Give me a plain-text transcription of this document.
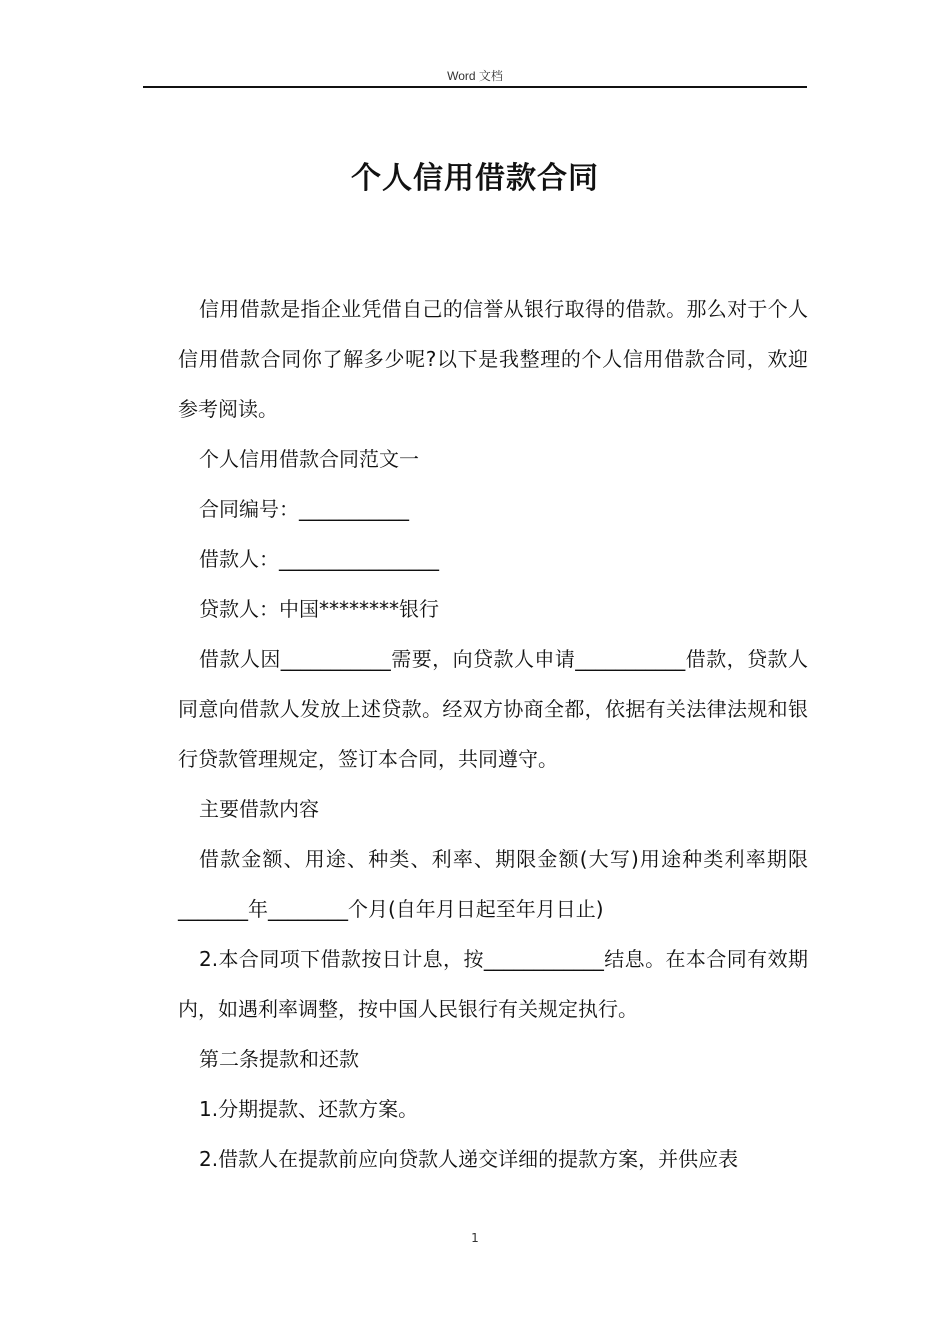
Word 文档
个人信用借款合同

信用借款是指企业凭借自己的信誉从银行取得的借款。那么对于个人信用借款合同你了解多少呢?以下是我整理的个人信用借款合同，欢迎参考阅读。

个人信用借款合同范文一

合同编号：___________

借款人：________________

贷款人：中国********银行

借款人因___________需要，向贷款人申请___________借款，贷款人同意向借款人发放上述贷款。经双方协商全都，依据有关法律法规和银行贷款管理规定，签订本合同，共同遵守。

主要借款内容

借款金额、用途、种类、利率、期限金额(大写)用途种类利率期限_______年________个月(自年月日起至年月日止)

2.本合同项下借款按日计息，按____________结息。在本合同有效期内，如遇利率调整，按中国人民银行有关规定执行。

第二条提款和还款

1.分期提款、还款方案。

2.借款人在提款前应向贷款人递交详细的提款方案，并供应表

1
